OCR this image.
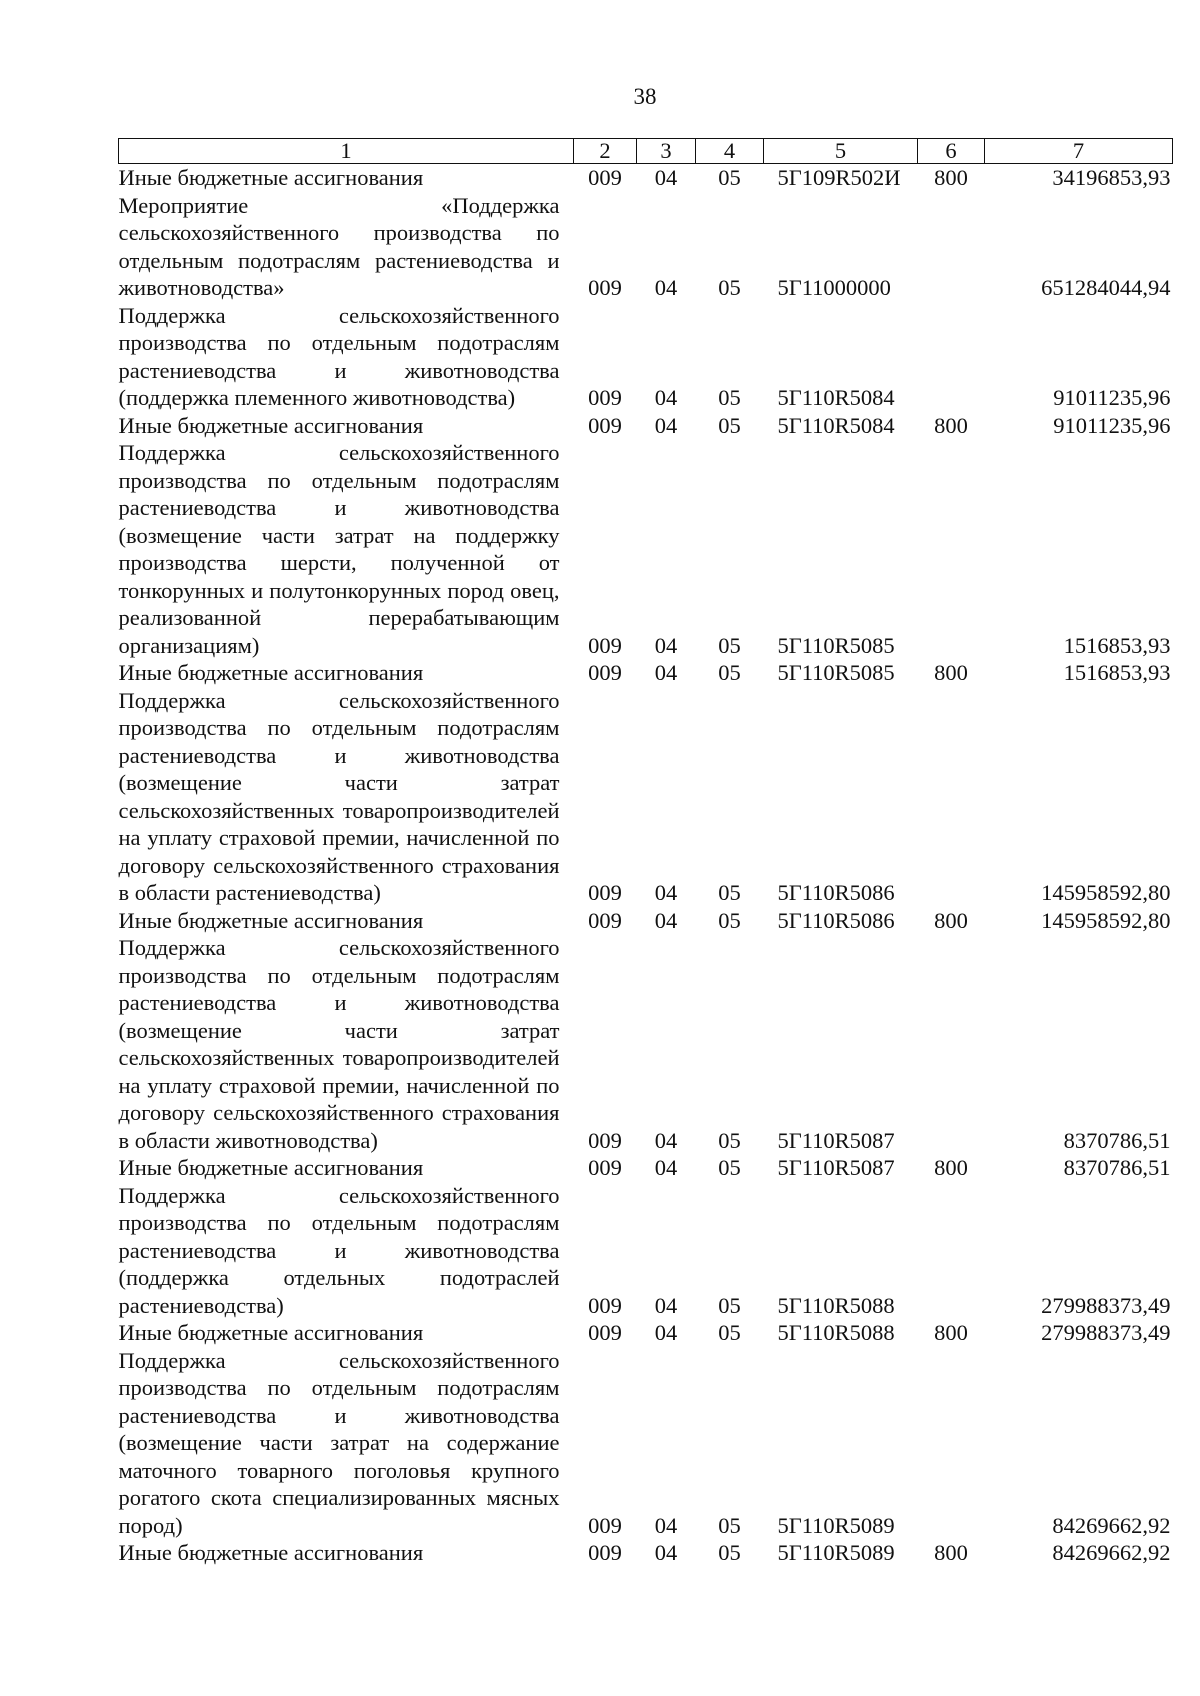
38
1	2	3	4	5	6	7
Иные бюджетные ассигнования	009	04	05	5Г109R502И	800	34196853,93
Мероприятие «Поддержка сельскохозяйственного производства по отдельным подотраслям растениеводства и животноводства»	009	04	05	5Г11000000		651284044,94
Поддержка сельскохозяйственного производства по отдельным подотраслям растениеводства и животноводства (поддержка племенного животноводства)	009	04	05	5Г110R5084		91011235,96
Иные бюджетные ассигнования	009	04	05	5Г110R5084	800	91011235,96
Поддержка сельскохозяйственного производства по отдельным подотраслям растениеводства и животноводства (возмещение части затрат на поддержку производства шерсти, полученной от тонкорунных и полутонкорунных пород овец, реализованной перерабатывающим организациям)	009	04	05	5Г110R5085		1516853,93
Иные бюджетные ассигнования	009	04	05	5Г110R5085	800	1516853,93
Поддержка сельскохозяйственного производства по отдельным подотраслям растениеводства и животноводства (возмещение части затрат сельскохозяйственных товаропроизводителей на уплату страховой премии, начисленной по договору сельскохозяйственного страхования в области растениеводства)	009	04	05	5Г110R5086		145958592,80
Иные бюджетные ассигнования	009	04	05	5Г110R5086	800	145958592,80
Поддержка сельскохозяйственного производства по отдельным подотраслям растениеводства и животноводства (возмещение части затрат сельскохозяйственных товаропроизводителей на уплату страховой премии, начисленной по договору сельскохозяйственного страхования в области животноводства)	009	04	05	5Г110R5087		8370786,51
Иные бюджетные ассигнования	009	04	05	5Г110R5087	800	8370786,51
Поддержка сельскохозяйственного производства по отдельным подотраслям растениеводства и животноводства (поддержка отдельных подотраслей растениеводства)	009	04	05	5Г110R5088		279988373,49
Иные бюджетные ассигнования	009	04	05	5Г110R5088	800	279988373,49
Поддержка сельскохозяйственного производства по отдельным подотраслям растениеводства и животноводства (возмещение части затрат на содержание маточного товарного поголовья крупного рогатого скота специализированных мясных пород)	009	04	05	5Г110R5089		84269662,92
Иные бюджетные ассигнования	009	04	05	5Г110R5089	800	84269662,92
